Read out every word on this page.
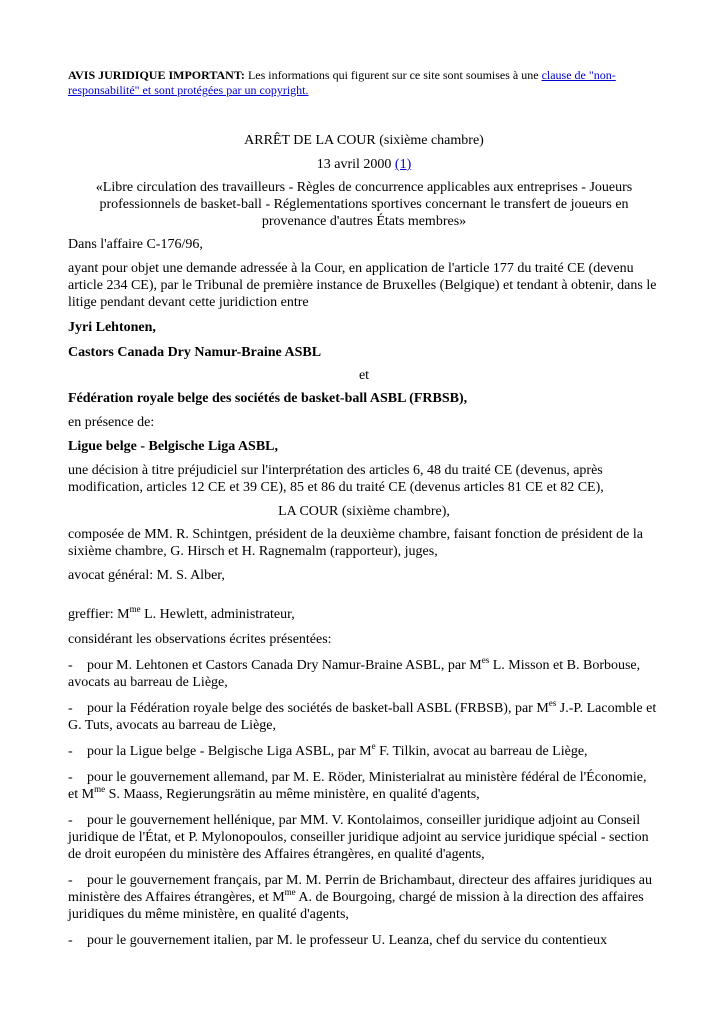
AVIS JURIDIQUE IMPORTANT: Les informations qui figurent sur ce site sont soumises à une clause de "non-responsabilité" et sont protégées par un copyright.

ARRÊT DE LA COUR (sixième chambre)

13 avril 2000 (1)

«Libre circulation des travailleurs - Règles de concurrence applicables aux entreprises - Joueurs professionnels de basket-ball - Réglementations sportives concernant le transfert de joueurs en provenance d'autres États membres»

Dans l'affaire C-176/96,

ayant pour objet une demande adressée à la Cour, en application de l'article 177 du traité CE (devenu article 234 CE), par le Tribunal de première instance de Bruxelles (Belgique) et tendant à obtenir, dans le litige pendant devant cette juridiction entre

Jyri Lehtonen,

Castors Canada Dry Namur-Braine ASBL

et

Fédération royale belge des sociétés de basket-ball ASBL (FRBSB),

en présence de:

Ligue belge - Belgische Liga ASBL,

une décision à titre préjudiciel sur l'interprétation des articles 6, 48 du traité CE (devenus, après modification, articles 12 CE et 39 CE), 85 et 86 du traité CE (devenus articles 81 CE et 82 CE),

LA COUR (sixième chambre),

composée de MM. R. Schintgen, président de la deuxième chambre, faisant fonction de président de la sixième chambre, G. Hirsch et H. Ragnemalm (rapporteur), juges,

avocat général: M. S. Alber,

greffier: $M^{me}$ L. Hewlett, administrateur,

considérant les observations écrites présentées:

- pour M. Lehtonen et Castors Canada Dry Namur-Braine ASBL, par $M^{es}$ L. Misson et B. Borbouse, avocats au barreau de Liège,

- pour la Fédération royale belge des sociétés de basket-ball ASBL (FRBSB), par $M^{es}$ J.-P. Lacomble et G. Tuts, avocats au barreau de Liège,

- pour la Ligue belge - Belgische Liga ASBL, par Me F. Tilkin, avocat au barreau de Liège,

- pour le gouvernement allemand, par M. E. Röder, Ministerialrat au ministère fédéral de l'Économie, et $M^{me}$ S. Maass, Regierungsrätin au même ministère, en qualité d'agents,

- pour le gouvernement hellénique, par MM. V. Kontolaimos, conseiller juridique adjoint au Conseil juridique de l'État, et P. Mylonopoulos, conseiller juridique adjoint au service juridique spécial - section de droit européen du ministère des Affaires étrangères, en qualité d'agents,

- pour le gouvernement français, par M. M. Perrin de Brichambaut, directeur des affaires juridiques au ministère des Affaires étrangères, et $M^{me}$ A. de Bourgoing, chargé de mission à la direction des affaires juridiques du même ministère, en qualité d'agents,

- pour le gouvernement italien, par M. le professeur U. Leanza, chef du service du contentieux
